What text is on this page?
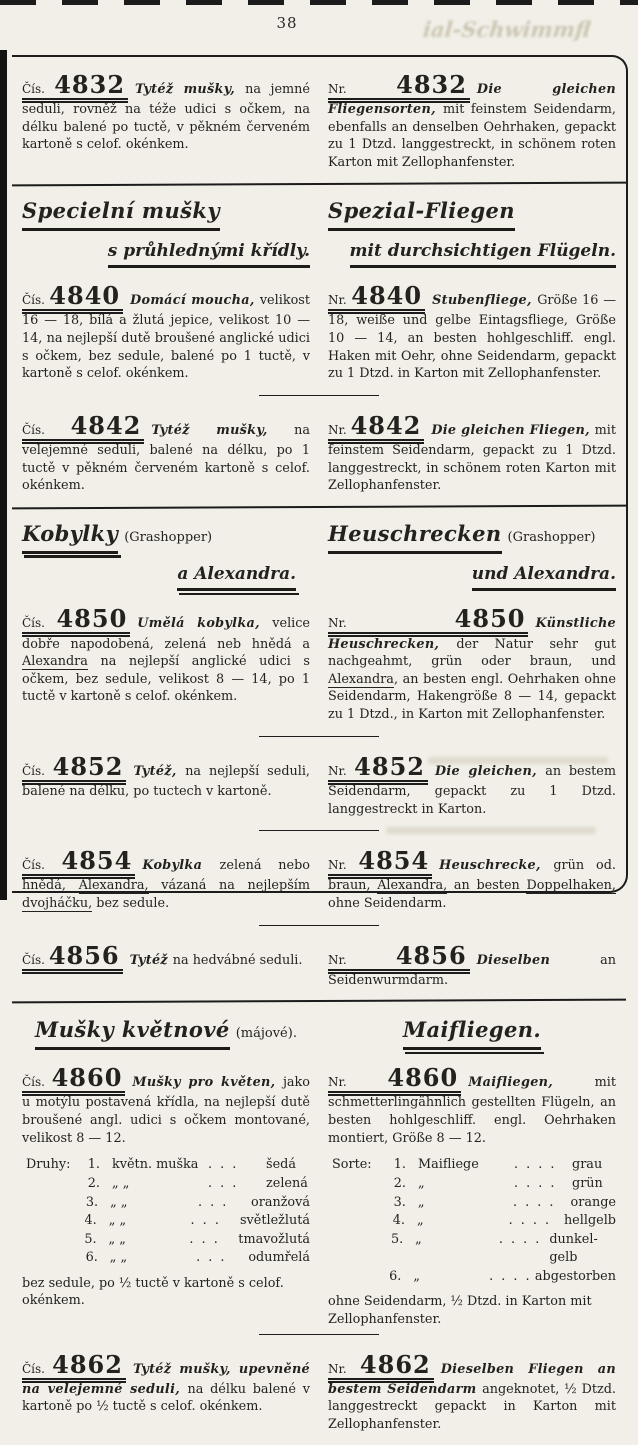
38	ial-Schwimmfl

Čís. 4832 Tytéž mušky, na jemné seduli, rovněž na téže udici s očkem, na délku balené po tuctě, v pěkném červeném kartoně s celof. okénkem.

Nr. 4832 Die gleichen Fliegensorten, mit feinstem Seidendarm, ebenfalls an denselben Oehrhaken, gepackt zu 1 Dtzd. langgestreckt, in schönem roten Karton mit Zellophanfenster.

Specielní mušky
s průhlednými křídly.
Spezial-Fliegen
mit durchsichtigen Flügeln.

Čís. 4840 Domácí moucha, velikost 16 — 18, bílá a žlutá jepice, velikost 10 — 14, na nejlepší dutě broušené anglické udici s očkem, bez sedule, balené po 1 tuctě, v kartoně s celof. okénkem.

Nr. 4840 Stubenfliege, Größe 16 — 18, weiße und gelbe Eintagsfliege, Größe 10 — 14, an besten hohlgeschliff. engl. Haken mit Oehr, ohne Seidendarm, gepackt zu 1 Dtzd. in Karton mit Zellophanfenster.

Čís. 4842 Tytéž mušky, na velejemné seduli, balené na délku, po 1 tuctě v pěkném červeném kartoně s celof. okénkem.

Nr. 4842 Die gleichen Fliegen, mit feinstem Seidendarm, gepackt zu 1 Dtzd. langgestreckt, in schönem roten Karton mit Zellophanfenster.

Kobylky (Grashopper)
a Alexandra.
Heuschrecken (Grashopper)
und Alexandra.

Čís. 4850 Umělá kobylka, velice dobře napodobená, zelená neb hnědá a Alexandra na nejlepší anglické udici s očkem, bez sedule, velikost 8 — 14, po 1 tuctě v kartoně s celof. okénkem.

Nr. 4850 Künstliche Heuschrecken, der Natur sehr gut nachgeahmt, grün oder braun, und Alexandra, an besten engl. Oehrhaken ohne Seidendarm, Hakengröße 8 — 14, gepackt zu 1 Dtzd., in Karton mit Zellophanfenster.

Čís. 4852 Tytéž, na nejlepší seduli, balené na délku, po tuctech v kartoně.

Nr. 4852 Die gleichen, an bestem Seidendarm, gepackt zu 1 Dtzd. langgestreckt in Karton.

Čís. 4854 Kobylka zelená nebo hnědá, Alexandra, vázaná na nejlepším dvojháčku, bez sedule.

Nr. 4854 Heuschrecke, grün od. braun, Alexandra, an besten Doppelhaken, ohne Seidendarm.

Čís. 4856 Tytéž na hedvábné seduli.	Nr. 4856 Dieselben an Seidenwurmdarm.

Mušky květnové (májové).	Maifliegen.

Čís. 4860 Mušky pro květen, jako u motýlu postavená křídla, na nejlepší dutě broušené angl. udici s očkem montované, velikost 8 — 12.

Nr. 4860 Maifliegen, mit schmetterlingähnlich gestellten Flügeln, an besten hohlgeschliff. engl. Oehrhaken montiert, Größe 8 — 12.

Druhy:	1. květn. muška . . .	šedá
2. „ „	. . .	zelená
3. „ „	. . .	oranžová
4. „ „	. . .	světležlutá
5. „ „	. . .	tmavožlutá
6. „ „	. . .	odumřelá
bez sedule, po ½ tuctě v kartoně s celof. okénkem.
Sorte:	1. Maifliege	. . . .	grau
2. „	. . . .	grün
3. „	. . . .	orange
4. „	. . . .	hellgelb
5. „	. . . . dunkel-gelb
6. „	. . . . abgestorben
ohne Seidendarm, ½ Dtzd. in Karton mit Zellophanfenster.

Čís. 4862 Tytéž mušky, upevněné na velejemné seduli, na délku balené v kartoně po ½ tuctě s celof. okénkem.

Nr. 4862 Dieselben Fliegen an bestem Seidendarm angeknotet, ½ Dtzd. langgestreckt gepackt in Karton mit Zellophanfenster.
